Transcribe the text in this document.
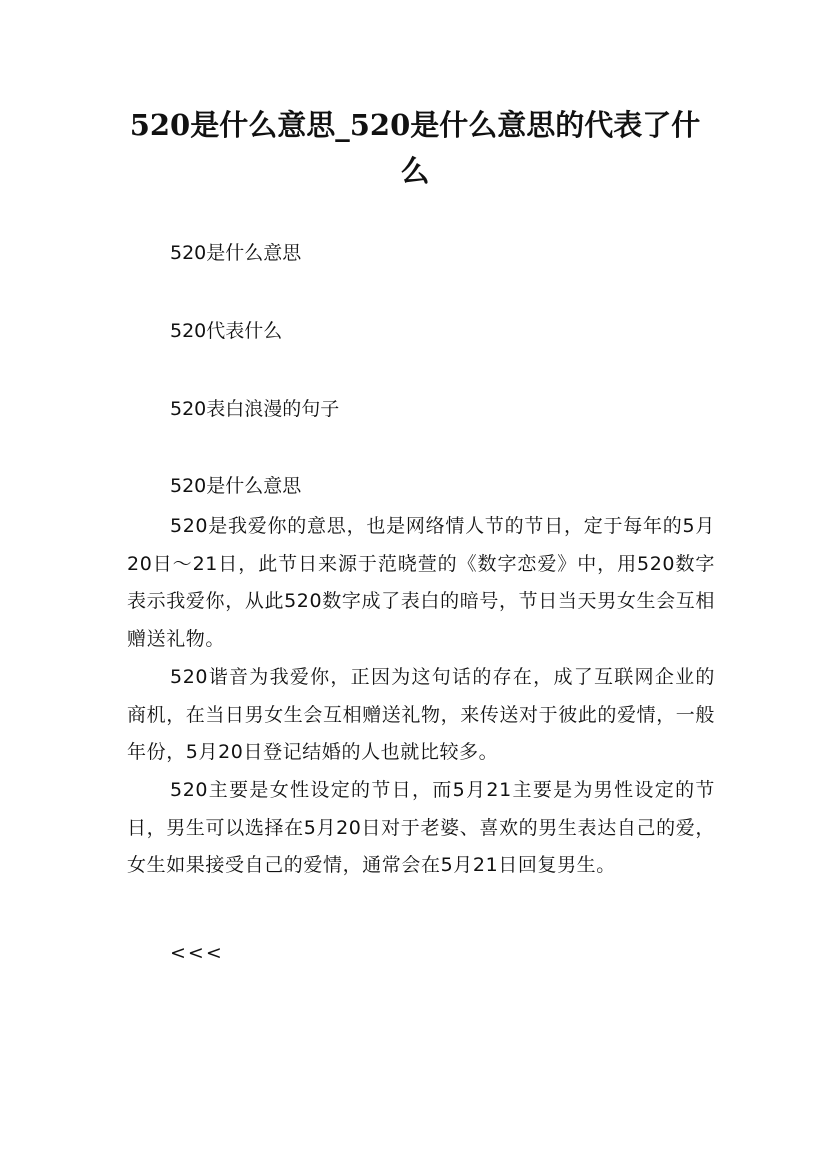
520是什么意思_520是什么意思的代表了什么

520是什么意思

520代表什么

520表白浪漫的句子

520是什么意思

520是我爱你的意思，也是网络情人节的节日，定于每年的5月20日～21日，此节日来源于范晓萱的《数字恋爱》中，用520数字表示我爱你，从此520数字成了表白的暗号，节日当天男女生会互相赠送礼物。

520谐音为我爱你，正因为这句话的存在，成了互联网企业的商机，在当日男女生会互相赠送礼物，来传送对于彼此的爱情，一般年份，5月20日登记结婚的人也就比较多。

520主要是女性设定的节日，而5月21主要是为男性设定的节日，男生可以选择在5月20日对于老婆、喜欢的男生表达自己的爱，女生如果接受自己的爱情，通常会在5月21日回复男生。

<<<
